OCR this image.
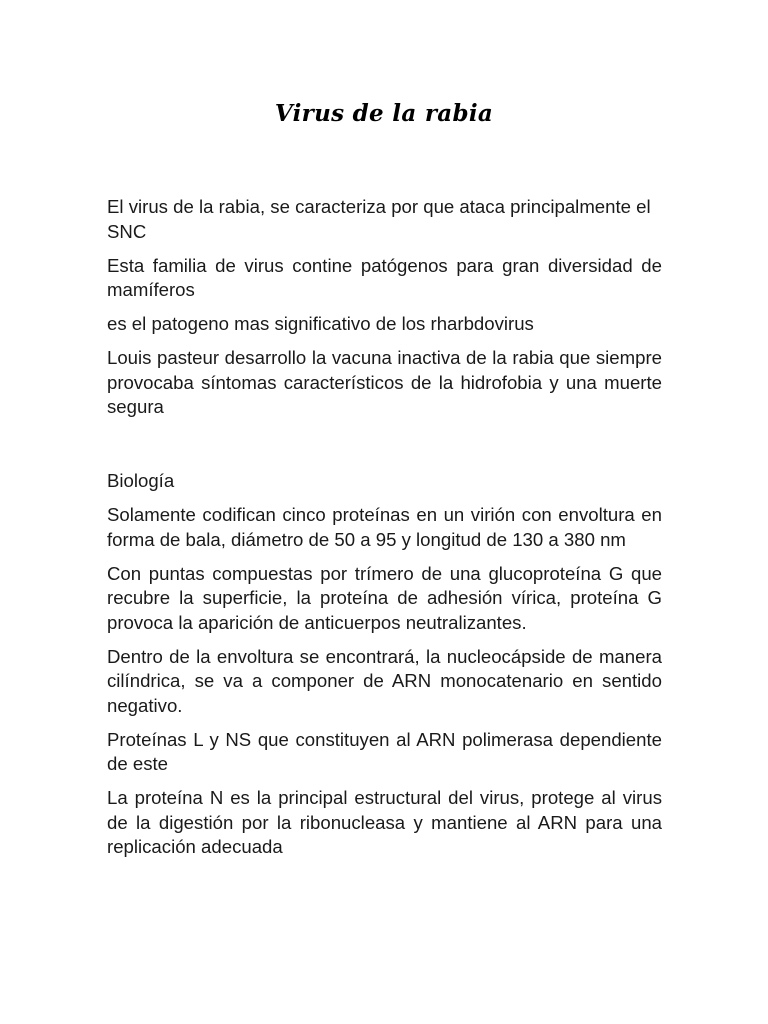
Virus de la rabia

El virus de la rabia, se caracteriza por que ataca principalmente el SNC

Esta familia de virus contine patógenos para gran diversidad de mamíferos

es el patogeno mas significativo de los rharbdovirus

Louis pasteur desarrollo la vacuna inactiva de la rabia que siempre provocaba síntomas característicos de la hidrofobia y una muerte segura

Biología

Solamente codifican cinco proteínas en un virión con envoltura en forma de bala, diámetro de 50 a 95 y longitud de 130 a 380 nm

Con puntas compuestas por trímero de una glucoproteína G que recubre la superficie, la proteína de adhesión vírica, proteína G provoca la aparición de anticuerpos neutralizantes.

Dentro de la envoltura se encontrará, la nucleocápside de manera cilíndrica, se va a componer de ARN monocatenario en sentido negativo.

Proteínas L y NS que constituyen al ARN polimerasa dependiente de este

La proteína N es la principal estructural del virus, protege al virus de la digestión por la ribonucleasa y mantiene al ARN para una replicación adecuada
